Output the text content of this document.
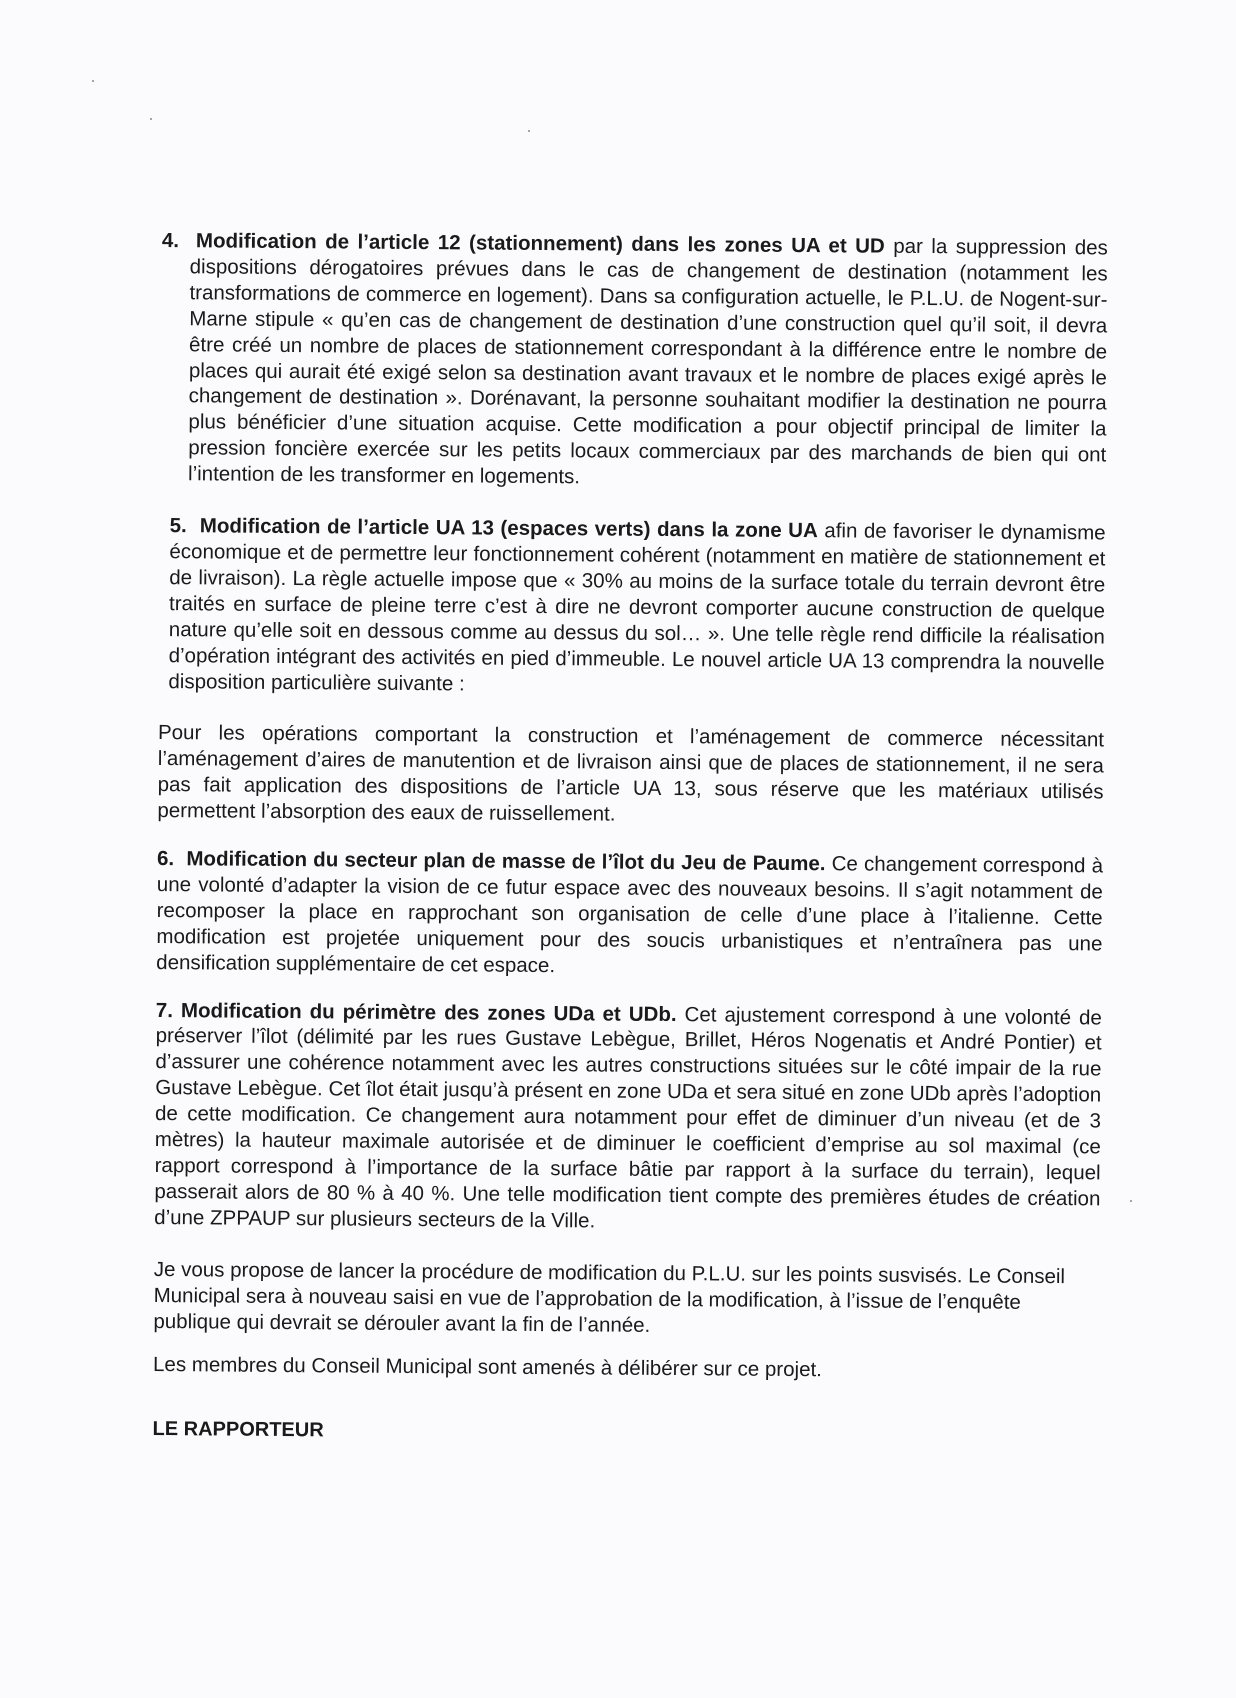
4. Modification de l’article 12 (stationnement) dans les zones UA et UD par la suppression des dispositions dérogatoires prévues dans le cas de changement de destination (notamment les transformations de commerce en logement). Dans sa configuration actuelle, le P.L.U. de Nogent-sur-Marne stipule « qu’en cas de changement de destination d’une construction quel qu’il soit, il devra être créé un nombre de places de stationnement correspondant à la différence entre le nombre de places qui aurait été exigé selon sa destination avant travaux et le nombre de places exigé après le changement de destination ». Dorénavant, la personne souhaitant modifier la destination ne pourra plus bénéficier d’une situation acquise. Cette modification a pour objectif principal de limiter la pression foncière exercée sur les petits locaux commerciaux par des marchands de bien qui ont l’intention de les transformer en logements.

5. Modification de l’article UA 13 (espaces verts) dans la zone UA afin de favoriser le dynamisme économique et de permettre leur fonctionnement cohérent (notamment en matière de stationnement et de livraison). La règle actuelle impose que « 30% au moins de la surface totale du terrain devront être traités en surface de pleine terre c’est à dire ne devront comporter aucune construction de quelque nature qu’elle soit en dessous comme au dessus du sol… ». Une telle règle rend difficile la réalisation d’opération intégrant des activités en pied d’immeuble. Le nouvel article UA 13 comprendra la nouvelle disposition particulière suivante :

Pour les opérations comportant la construction et l’aménagement de commerce nécessitant l’aménagement d’aires de manutention et de livraison ainsi que de places de stationnement, il ne sera pas fait application des dispositions de l’article UA 13, sous réserve que les matériaux utilisés permettent l’absorption des eaux de ruissellement.

6. Modification du secteur plan de masse de l’îlot du Jeu de Paume. Ce changement correspond à une volonté d’adapter la vision de ce futur espace avec des nouveaux besoins. Il s’agit notamment de recomposer la place en rapprochant son organisation de celle d’une place à l’italienne. Cette modification est projetée uniquement pour des soucis urbanistiques et n’entraînera pas une densification supplémentaire de cet espace.

7. Modification du périmètre des zones UDa et UDb. Cet ajustement correspond à une volonté de préserver l’îlot (délimité par les rues Gustave Lebègue, Brillet, Héros Nogenatis et André Pontier) et d’assurer une cohérence notamment avec les autres constructions situées sur le côté impair de la rue Gustave Lebègue. Cet îlot était jusqu’à présent en zone UDa et sera situé en zone UDb après l’adoption de cette modification. Ce changement aura notamment pour effet de diminuer d’un niveau (et de 3 mètres) la hauteur maximale autorisée et de diminuer le coefficient d’emprise au sol maximal (ce rapport correspond à l’importance de la surface bâtie par rapport à la surface du terrain), lequel passerait alors de 80 % à 40 %. Une telle modification tient compte des premières études de création d’une ZPPAUP sur plusieurs secteurs de la Ville.

Je vous propose de lancer la procédure de modification du P.L.U. sur les points susvisés. Le Conseil Municipal sera à nouveau saisi en vue de l’approbation de la modification, à l’issue de l’enquête publique qui devrait se dérouler avant la fin de l’année.

Les membres du Conseil Municipal sont amenés à délibérer sur ce projet.

LE RAPPORTEUR
